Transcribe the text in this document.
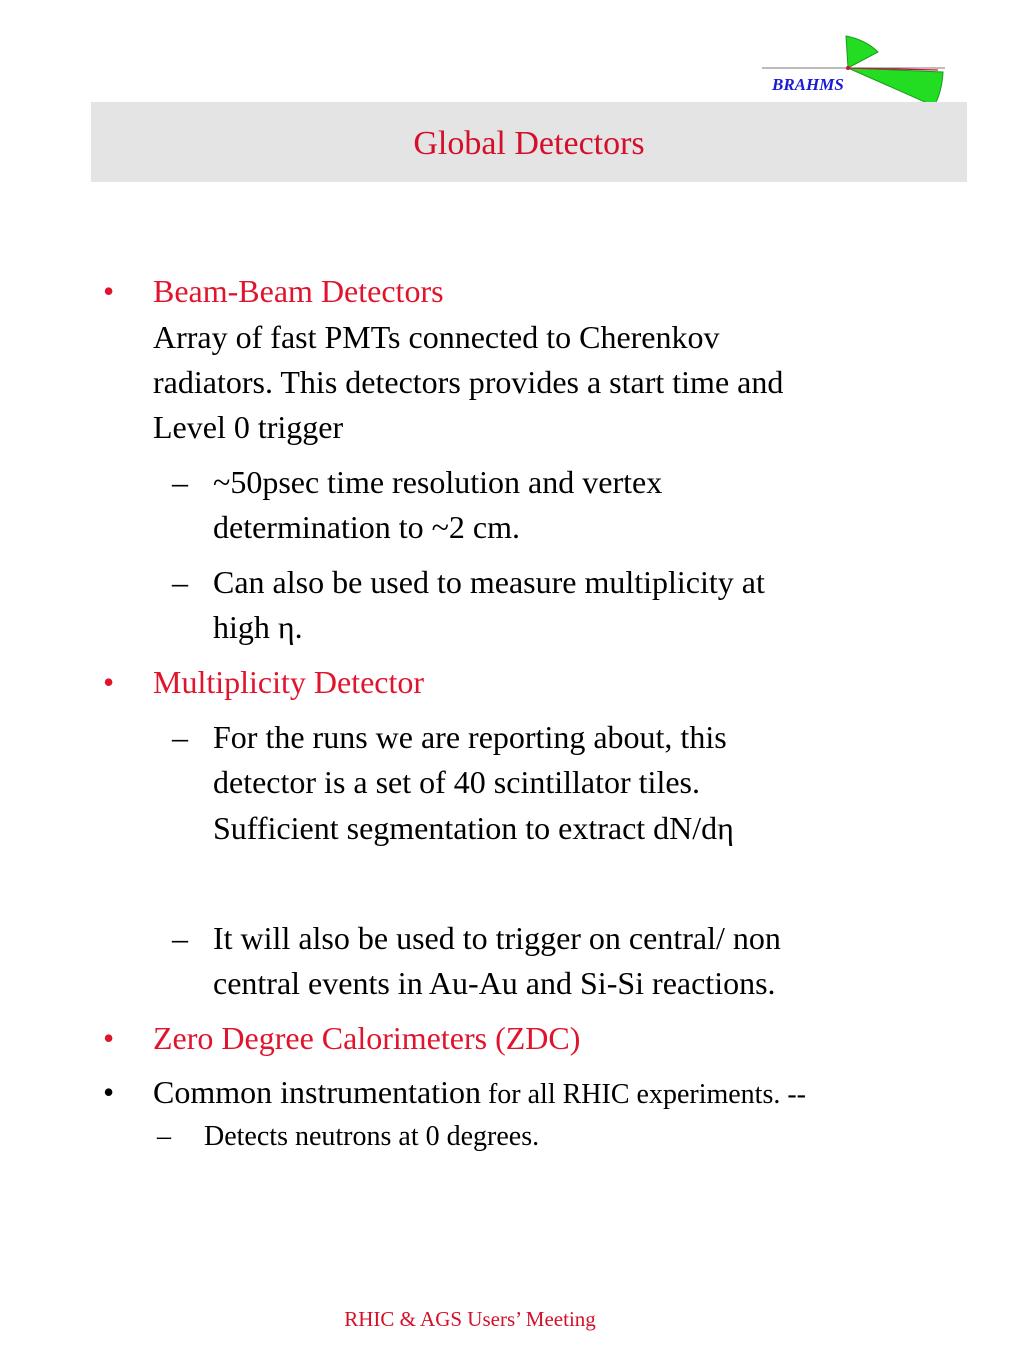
BRAHMS
Global Detectors
• Beam-Beam Detectors
Array of fast PMTs connected to Cherenkov
radiators. This detectors provides a start time and
Level 0 trigger
– ~50psec time resolution and vertex
determination to ~2 cm.
– Can also be used to measure multiplicity at
high η.
• Multiplicity Detector
– For the runs we are reporting about, this
detector is a set of 40 scintillator tiles.
Sufficient segmentation to extract dN/dη
– It will also be used to trigger on central/ non
central events in Au-Au and Si-Si reactions.
• Zero Degree Calorimeters (ZDC)
• Common instrumentation for all RHIC experiments. --
– Detects neutrons at 0 degrees.
RHIC & AGS Users’ Meeting
